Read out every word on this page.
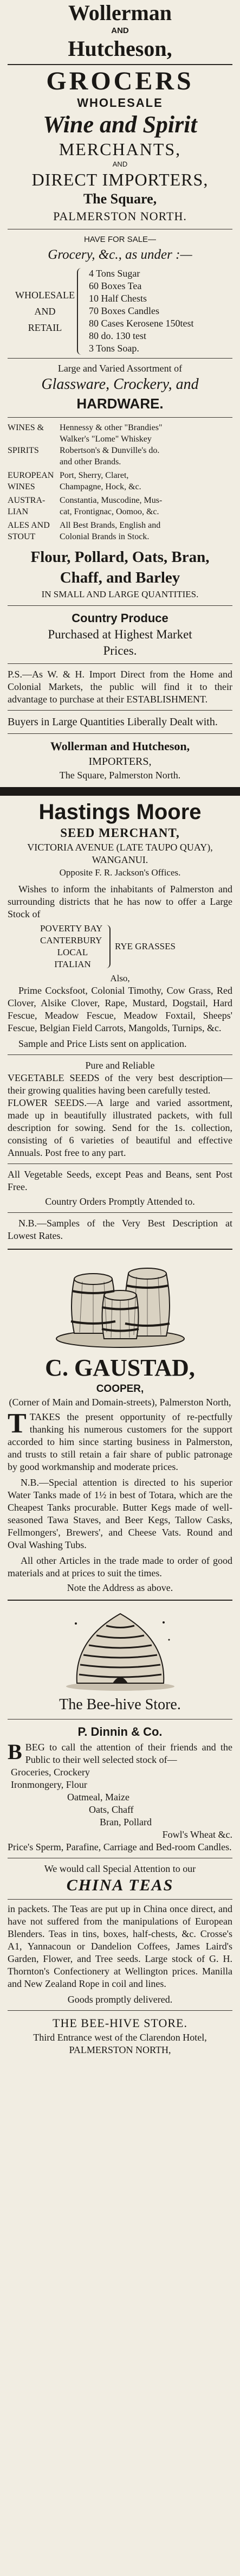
Wollerman
AND
Hutcheson,
GROCERS
WHOLESALE
Wine and Spirit
MERCHANTS,
AND
DIRECT IMPORTERS,
The Square,
PALMERSTON NORTH.
HAVE FOR SALE—
Grocery, &c., as under :—
WHOLESALE
AND
RETAIL
4 Tons Sugar
60 Boxes Tea
10 Half Chests
70 Boxes Candles
80 Cases Kerosene 150test
80 do. 130 test
3 Tons Soap.
Large and Varied Assortment of
Glassware, Crockery, and
HARDWARE.
WINES &	Hennessy & other "Brandies"
Walker's "Lome" Whiskey
SPIRITS	Robertson's & Dunville's do.
and other Brands.
EUROPEAN Port, Sherry, Claret,
WINES	Champagne, Hock, &c.
AUSTRA-	Constantia, Muscodine, Mus-
LIAN	cat, Frontignac, Oomoo, &c.
ALES AND	All Best Brands, English and
STOUT	Colonial Brands in Stock.
Flour, Pollard, Oats, Bran,
Chaff, and Barley
IN SMALL AND LARGE QUANTITIES.
Country Produce
Purchased at Highest Market
Prices.
P.S.—As W. & H. Import Direct from the Home and Colonial Markets, the public will find it to their advantage to purchase at their ESTABLISHMENT.
Buyers in Large Quantities Liberally Dealt with.
Wollerman and Hutcheson,
IMPORTERS,
The Square, Palmerston North.
Hastings Moore
SEED MERCHANT,
VICTORIA AVENUE (LATE TAUPO QUAY), WANGANUI.
Opposite F. R. Jackson's Offices.
Wishes to inform the inhabitants of Palmerston and surrounding districts that he has now to offer a Large Stock of
POVERTY BAY
CANTERBURY
LOCAL
ITALIAN
RYE GRASSES
Also,
Prime Cocksfoot, Colonial Timothy, Cow Grass, Red Clover, Alsike Clover, Rape, Mustard, Dogstail, Hard Fescue, Meadow Fescue, Meadow Foxtail, Sheeps' Fescue, Belgian Field Carrots, Mangolds, Turnips, &c.
Sample and Price Lists sent on application.
Pure and Reliable
VEGETABLE SEEDS of the very best description—their growing qualities having been carefully tested.
FLOWER SEEDS.—A large and varied assortment, made up in beautifully illustrated packets, with full description for sowing. Send for the 1s. collection, consisting of 6 varieties of beautiful and effective Annuals. Post free to any part.
All Vegetable Seeds, except Peas and Beans, sent Post Free.
Country Orders Promptly Attended to.
N.B.—Samples of the Very Best Description at Lowest Rates.
C. GAUSTAD,
COOPER,
(Corner of Main and Domain-streets), Palmerston North,
TTAKES the present opportunity of re-pectfully thanking his numerous customers for the support accorded to him since starting business in Palmerston, and trusts to still retain a fair share of public patronage by good workmanship and moderate prices.
N.B.—Special attention is directed to his superior Water Tanks made of 1½ in best of Totara, which are the Cheapest Tanks procurable. Butter Kegs made of well-seasoned Tawa Staves, and Beer Kegs, Tallow Casks, Fellmongers', Brewers', and Cheese Vats. Round and Oval Washing Tubs.
All other Articles in the trade made to order of good materials and at prices to suit the times.
Note the Address as above.
The Bee-hive Store.
P. Dinnin & Co.
BBEG to call the attention of their friends and the Public to their well selected stock of—
Groceries, Crockery
Ironmongery, Flour
Oatmeal, Maize
Oats, Chaff
Bran, Pollard
Fowl's Wheat &c.
Price's Sperm, Parafine, Carriage and Bed-room Candles.
We would call Special Attention to our
CHINA TEAS
in packets. The Teas are put up in China once direct, and have not suffered from the manipulations of European Blenders. Teas in tins, boxes, half-chests, &c. Crosse's A1, Yannacoun or Dandelion Coffees, James Laird's Garden, Flower, and Tree seeds. Large stock of G. H. Thornton's Confectionery at Wellington prices. Manilla and New Zealand Rope in coil and lines.
Goods promptly delivered.
THE BEE-HIVE STORE.
Third Entrance west of the Clarendon Hotel,
PALMERSTON NORTH,
